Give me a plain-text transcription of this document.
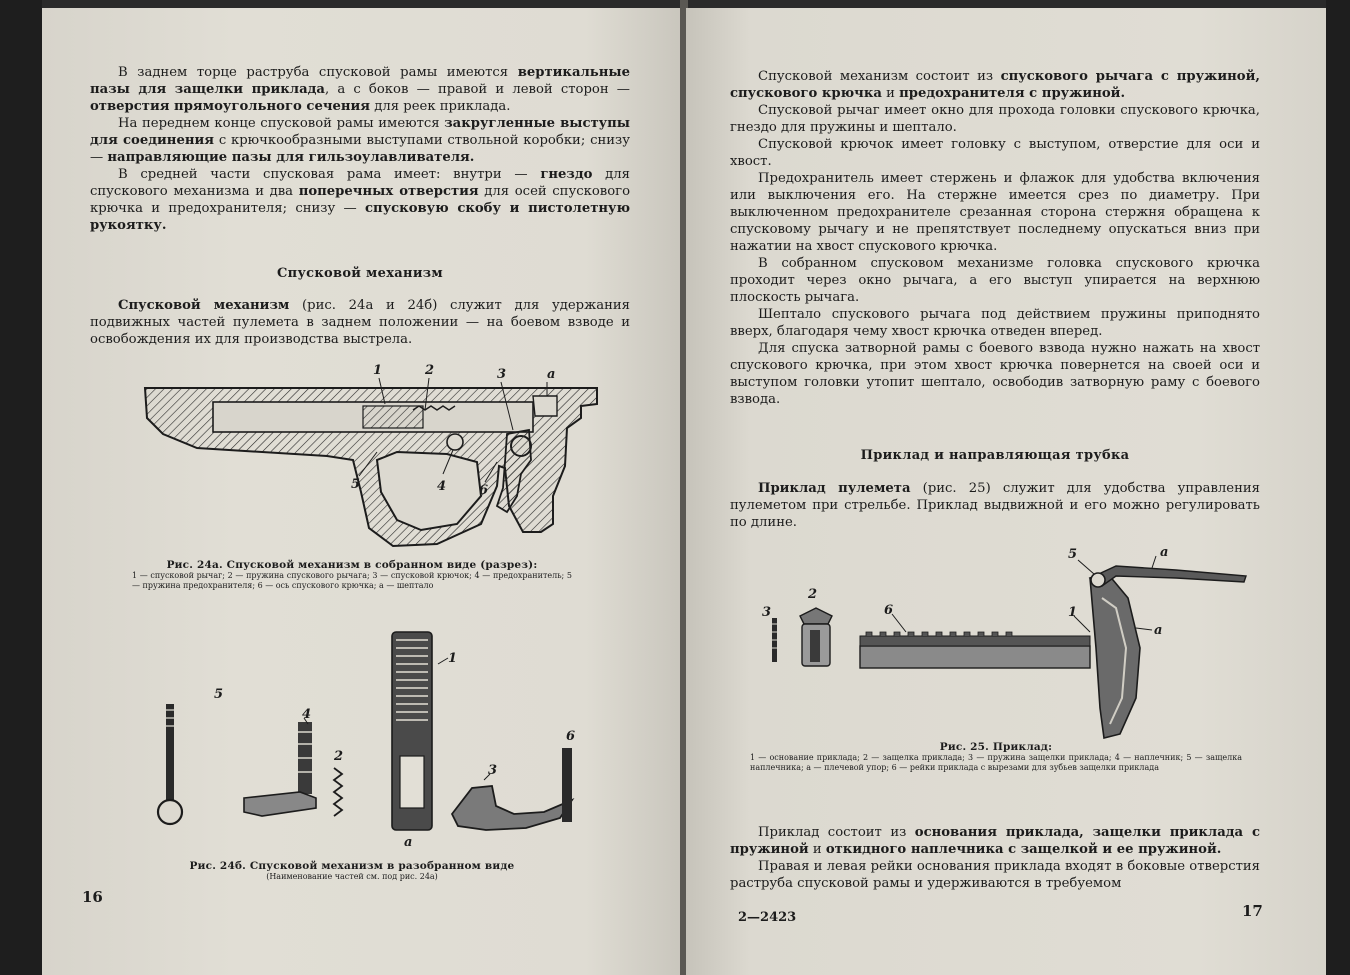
В заднем торце раструба спусковой рамы имеются вертикальные пазы для защелки приклада, а с боков — правой и левой сторон — отверстия прямоугольного сечения для реек приклада.

На переднем конце спусковой рамы имеются закругленные выступы для соединения с крючкообразными выступами ствольной коробки; снизу — направляющие пазы для гильзоулавливателя.

В средней части спусковая рама имеет: внутри — гнездо для спускового механизма и два поперечных отверстия для осей спускового крючка и предохранителя; снизу — спусковую скобу и пистолетную рукоятку.

Спусковой механизм

Спусковой механизм (рис. 24а и 24б) служит для удержания подвижных частей пулемета в заднем положении — на боевом взводе и освобождения их для производства выстрела.

1	2	3	а
4
5	6
Рис. 24а. Спусковой механизм в собранном виде (разрез):
1 — спусковой рычаг; 2 — пружина спускового рычага; 3 — спусковой крючок; 4 — предохранитель; 5 — пружина предохранителя; 6 — ось спускового крючка; а — шептало
5
4
2
1
3
6
а
Рис. 24б. Спусковой механизм в разобранном виде
(Наименование частей см. под рис. 24а)
16

Спусковой механизм состоит из спускового рычага с пружиной, спускового крючка и предохранителя с пружиной.

Спусковой рычаг имеет окно для прохода головки спускового крючка, гнездо для пружины и шептало.

Спусковой крючок имеет головку с выступом, отверстие для оси и хвост.

Предохранитель имеет стержень и флажок для удобства включения или выключения его. На стержне имеется срез по диаметру. При выключенном предохранителе срезанная сторона стержня обращена к спусковому рычагу и не препятствует последнему опускаться вниз при нажатии на хвост спускового крючка.

В собранном спусковом механизме головка спускового крючка проходит через окно рычага, а его выступ упирается на верхнюю плоскость рычага.

Шептало спускового рычага под действием пружины приподнято вверх, благодаря чему хвост крючка отведен вперед.

Для спуска затворной рамы с боевого взвода нужно нажать на хвост спускового крючка, при этом хвост крючка повернется на своей оси и выступом головки утопит шептало, освободив затворную раму с боевого взвода.

Приклад и направляющая трубка

Приклад пулемета (рис. 25) служит для удобства управления пулеметом при стрельбе. Приклад выдвижной и его можно регулировать по длине.

3
2
6
5	а
1
а
Рис. 25. Приклад:
1 — основание приклада; 2 — защелка приклада; 3 — пружина защелки приклада; 4 — наплечник; 5 — защелка наплечника; а — плечевой упор; 6 — рейки приклада с вырезами для зубьев защелки приклада

Приклад состоит из основания приклада, защелки приклада с пружиной и откидного наплечника с защелкой и ее пружиной.

Правая и левая рейки основания приклада входят в боковые отверстия раструба спусковой рамы и удерживаются в требуемом

2—2423	17
